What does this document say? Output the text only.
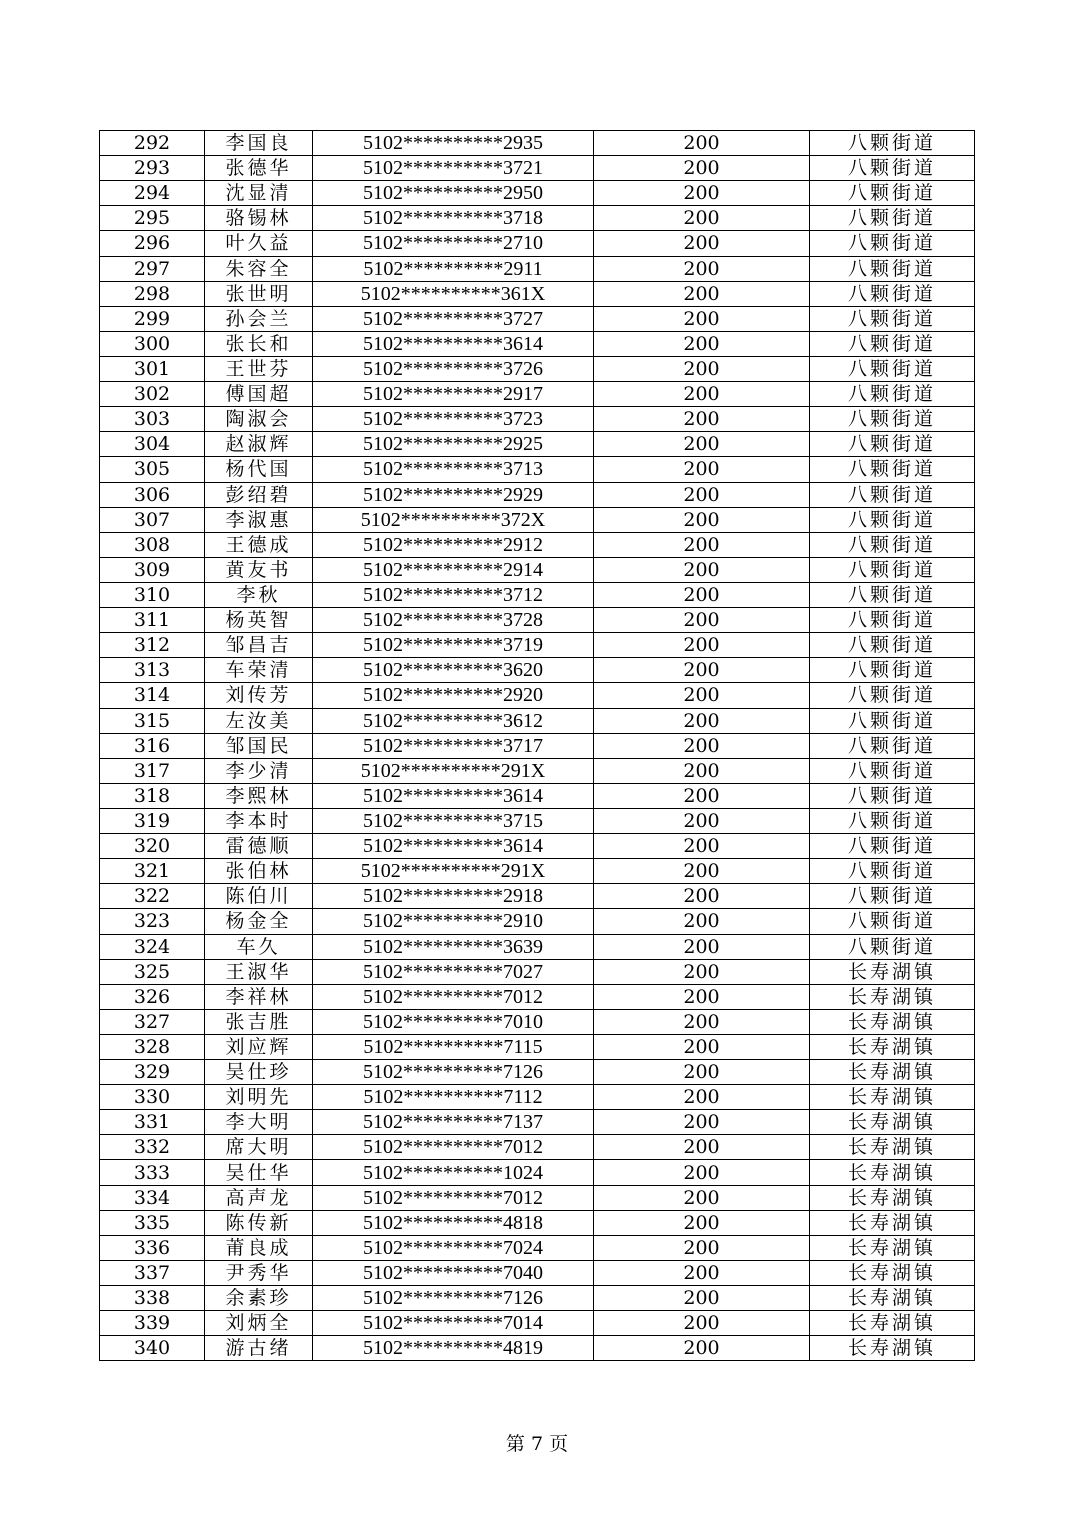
292	李国良	5102**********2935	200	八颗街道
293	张德华	5102**********3721	200	八颗街道
294	沈显清	5102**********2950	200	八颗街道
295	骆锡林	5102**********3718	200	八颗街道
296	叶久益	5102**********2710	200	八颗街道
297	朱容全	5102**********2911	200	八颗街道
298	张世明	5102**********361X	200	八颗街道
299	孙会兰	5102**********3727	200	八颗街道
300	张长和	5102**********3614	200	八颗街道
301	王世芬	5102**********3726	200	八颗街道
302	傅国超	5102**********2917	200	八颗街道
303	陶淑会	5102**********3723	200	八颗街道
304	赵淑辉	5102**********2925	200	八颗街道
305	杨代国	5102**********3713	200	八颗街道
306	彭绍碧	5102**********2929	200	八颗街道
307	李淑惠	5102**********372X	200	八颗街道
308	王德成	5102**********2912	200	八颗街道
309	黄友书	5102**********2914	200	八颗街道
310	李秋	5102**********3712	200	八颗街道
311	杨英智	5102**********3728	200	八颗街道
312	邹昌吉	5102**********3719	200	八颗街道
313	车荣清	5102**********3620	200	八颗街道
314	刘传芳	5102**********2920	200	八颗街道
315	左汝美	5102**********3612	200	八颗街道
316	邹国民	5102**********3717	200	八颗街道
317	李少清	5102**********291X	200	八颗街道
318	李熙林	5102**********3614	200	八颗街道
319	李本时	5102**********3715	200	八颗街道
320	雷德顺	5102**********3614	200	八颗街道
321	张伯林	5102**********291X	200	八颗街道
322	陈伯川	5102**********2918	200	八颗街道
323	杨金全	5102**********2910	200	八颗街道
324	车久	5102**********3639	200	八颗街道
325	王淑华	5102**********7027	200	长寿湖镇
326	李祥林	5102**********7012	200	长寿湖镇
327	张吉胜	5102**********7010	200	长寿湖镇
328	刘应辉	5102**********7115	200	长寿湖镇
329	吴仕珍	5102**********7126	200	长寿湖镇
330	刘明先	5102**********7112	200	长寿湖镇
331	李大明	5102**********7137	200	长寿湖镇
332	席大明	5102**********7012	200	长寿湖镇
333	吴仕华	5102**********1024	200	长寿湖镇
334	高声龙	5102**********7012	200	长寿湖镇
335	陈传新	5102**********4818	200	长寿湖镇
336	莆良成	5102**********7024	200	长寿湖镇
337	尹秀华	5102**********7040	200	长寿湖镇
338	余素珍	5102**********7126	200	长寿湖镇
339	刘炳全	5102**********7014	200	长寿湖镇
340	游古绪	5102**********4819	200	长寿湖镇
第 7 页
